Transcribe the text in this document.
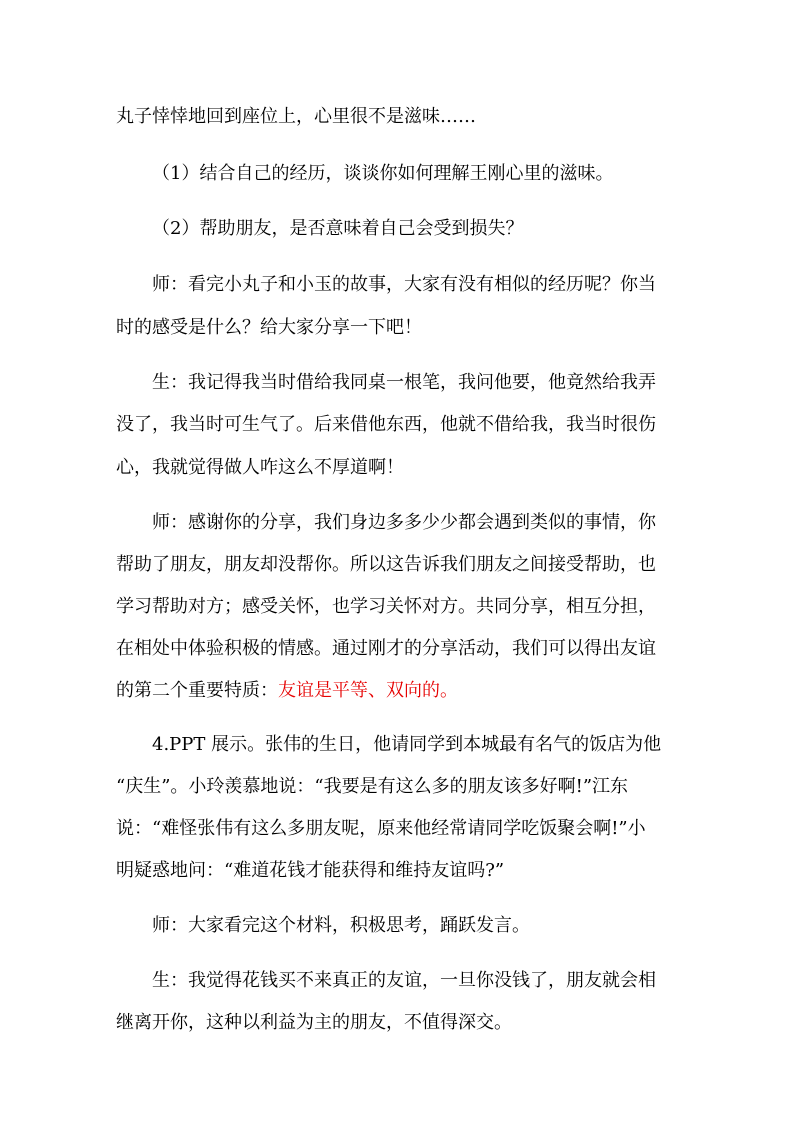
丸子悻悻地回到座位上，心里很不是滋味……

（1）结合自己的经历，谈谈你如何理解王刚心里的滋味。

（2）帮助朋友，是否意味着自己会受到损失？

师：看完小丸子和小玉的故事，大家有没有相似的经历呢？你当

时的感受是什么？给大家分享一下吧！

生：我记得我当时借给我同桌一根笔，我问他要，他竟然给我弄

没了，我当时可生气了。后来借他东西，他就不借给我，我当时很伤

心，我就觉得做人咋这么不厚道啊！

师：感谢你的分享，我们身边多多少少都会遇到类似的事情，你

帮助了朋友，朋友却没帮你。所以这告诉我们朋友之间接受帮助，也

学习帮助对方；感受关怀，也学习关怀对方。共同分享，相互分担，

在相处中体验积极的情感。通过刚才的分享活动，我们可以得出友谊

的第二个重要特质：友谊是平等、双向的。

4.PPT 展示。张伟的生日，他请同学到本城最有名气的饭店为他

“庆生”。小玲羡慕地说：“我要是有这么多的朋友该多好啊!”江东

说：“难怪张伟有这么多朋友呢，原来他经常请同学吃饭聚会啊!”小

明疑惑地问：“难道花钱才能获得和维持友谊吗?”

师：大家看完这个材料，积极思考，踊跃发言。

生：我觉得花钱买不来真正的友谊，一旦你没钱了，朋友就会相

继离开你，这种以利益为主的朋友，不值得深交。
